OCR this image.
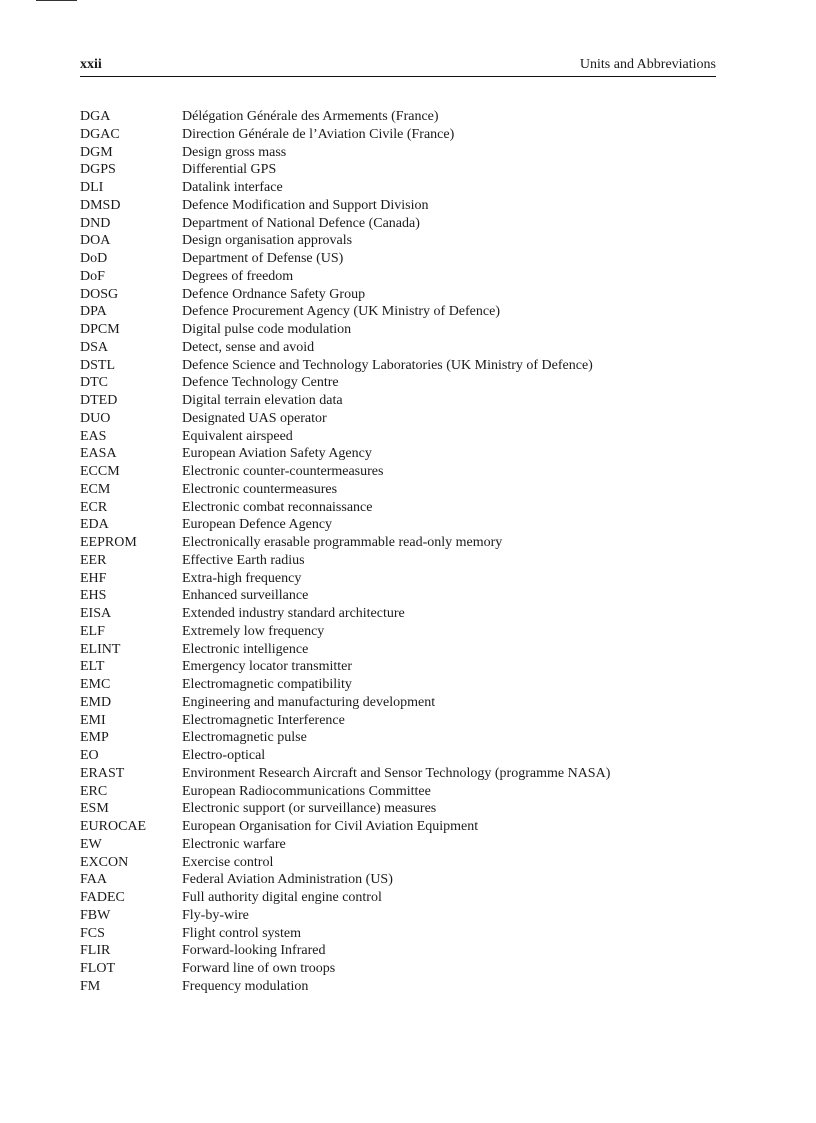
xxii	Units and Abbreviations
DGA	Délégation Générale des Armements (France)
DGAC	Direction Générale de l’Aviation Civile (France)
DGM	Design gross mass
DGPS	Differential GPS
DLI	Datalink interface
DMSD	Defence Modification and Support Division
DND	Department of National Defence (Canada)
DOA	Design organisation approvals
DoD	Department of Defense (US)
DoF	Degrees of freedom
DOSG	Defence Ordnance Safety Group
DPA	Defence Procurement Agency (UK Ministry of Defence)
DPCM	Digital pulse code modulation
DSA	Detect, sense and avoid
DSTL	Defence Science and Technology Laboratories (UK Ministry of Defence)
DTC	Defence Technology Centre
DTED	Digital terrain elevation data
DUO	Designated UAS operator
EAS	Equivalent airspeed
EASA	European Aviation Safety Agency
ECCM	Electronic counter-countermeasures
ECM	Electronic countermeasures
ECR	Electronic combat reconnaissance
EDA	European Defence Agency
EEPROM	Electronically erasable programmable read-only memory
EER	Effective Earth radius
EHF	Extra-high frequency
EHS	Enhanced surveillance
EISA	Extended industry standard architecture
ELF	Extremely low frequency
ELINT	Electronic intelligence
ELT	Emergency locator transmitter
EMC	Electromagnetic compatibility
EMD	Engineering and manufacturing development
EMI	Electromagnetic Interference
EMP	Electromagnetic pulse
EO	Electro-optical
ERAST	Environment Research Aircraft and Sensor Technology (programme NASA)
ERC	European Radiocommunications Committee
ESM	Electronic support (or surveillance) measures
EUROCAE	European Organisation for Civil Aviation Equipment
EW	Electronic warfare
EXCON	Exercise control
FAA	Federal Aviation Administration (US)
FADEC	Full authority digital engine control
FBW	Fly-by-wire
FCS	Flight control system
FLIR	Forward-looking Infrared
FLOT	Forward line of own troops
FM	Frequency modulation
